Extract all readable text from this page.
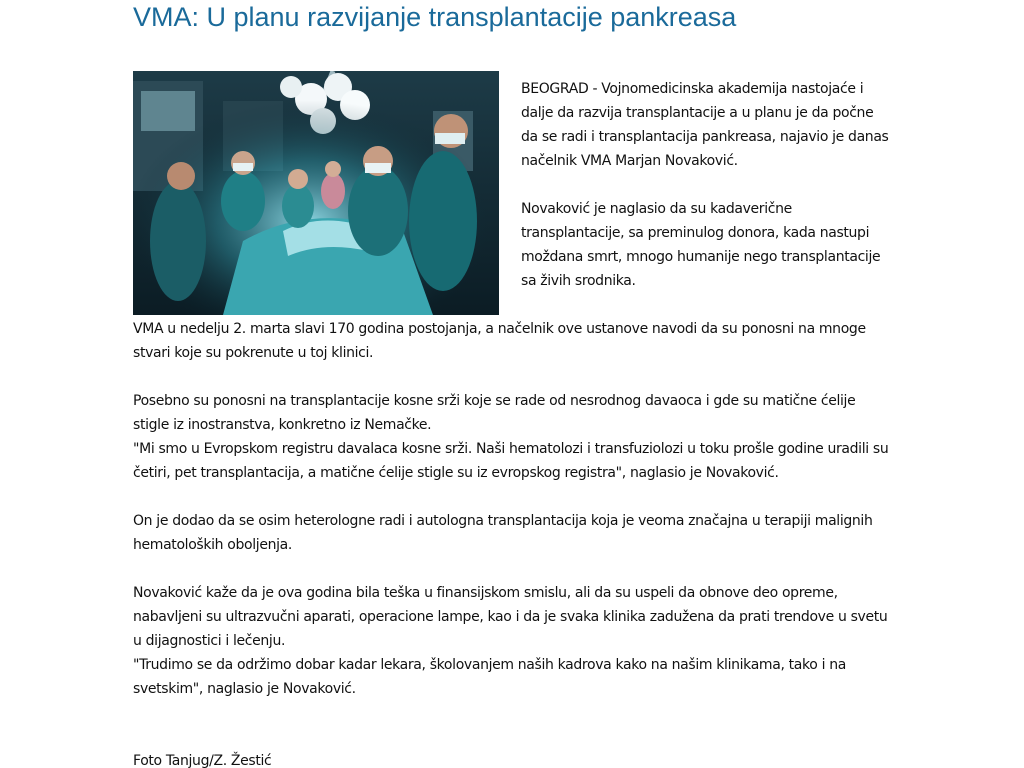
VMA: U planu razvijanje transplantacije pankreasa

BEOGRAD - Vojnomedicinska akademija nastojaće i dalje da razvija transplantacije a u planu je da počne da se radi i transplantacija pankreasa, najavio je danas načelnik VMA Marjan Novaković.

Novaković je naglasio da su kadaverične transplantacije, sa preminulog donora, kada nastupi moždana smrt, mnogo humanije nego transplantacije sa živih srodnika.

VMA u nedelju 2. marta slavi 170 godina postojanja, a načelnik ove ustanove navodi da su ponosni na mnoge stvari koje su pokrenute u toj klinici.

Posebno su ponosni na transplantacije kosne srži koje se rade od nesrodnog davaoca i gde su matične ćelije stigle iz inostranstva, konkretno iz Nemačke.

"Mi smo u Evropskom registru davalaca kosne srži. Naši hematolozi i transfuziolozi u toku prošle godine uradili su četiri, pet transplantacija, a matične ćelije stigle su iz evropskog registra", naglasio je Novaković.

On je dodao da se osim heterologne radi i autologna transplantacija koja je veoma značajna u terapiji malignih hematoloških oboljenja.

Novaković kaže da je ova godina bila teška u finansijskom smislu, ali da su uspeli da obnove deo opreme, nabavljeni su ultrazvučni aparati, operacione lampe, kao i da je svaka klinika zadužena da prati trendove u svetu u dijagnostici i lečenju.

"Trudimo se da održimo dobar kadar lekara, školovanjem naših kadrova kako na našim klinikama, tako i na svetskim", naglasio je Novaković.

Foto Tanjug/Z. Žestić
